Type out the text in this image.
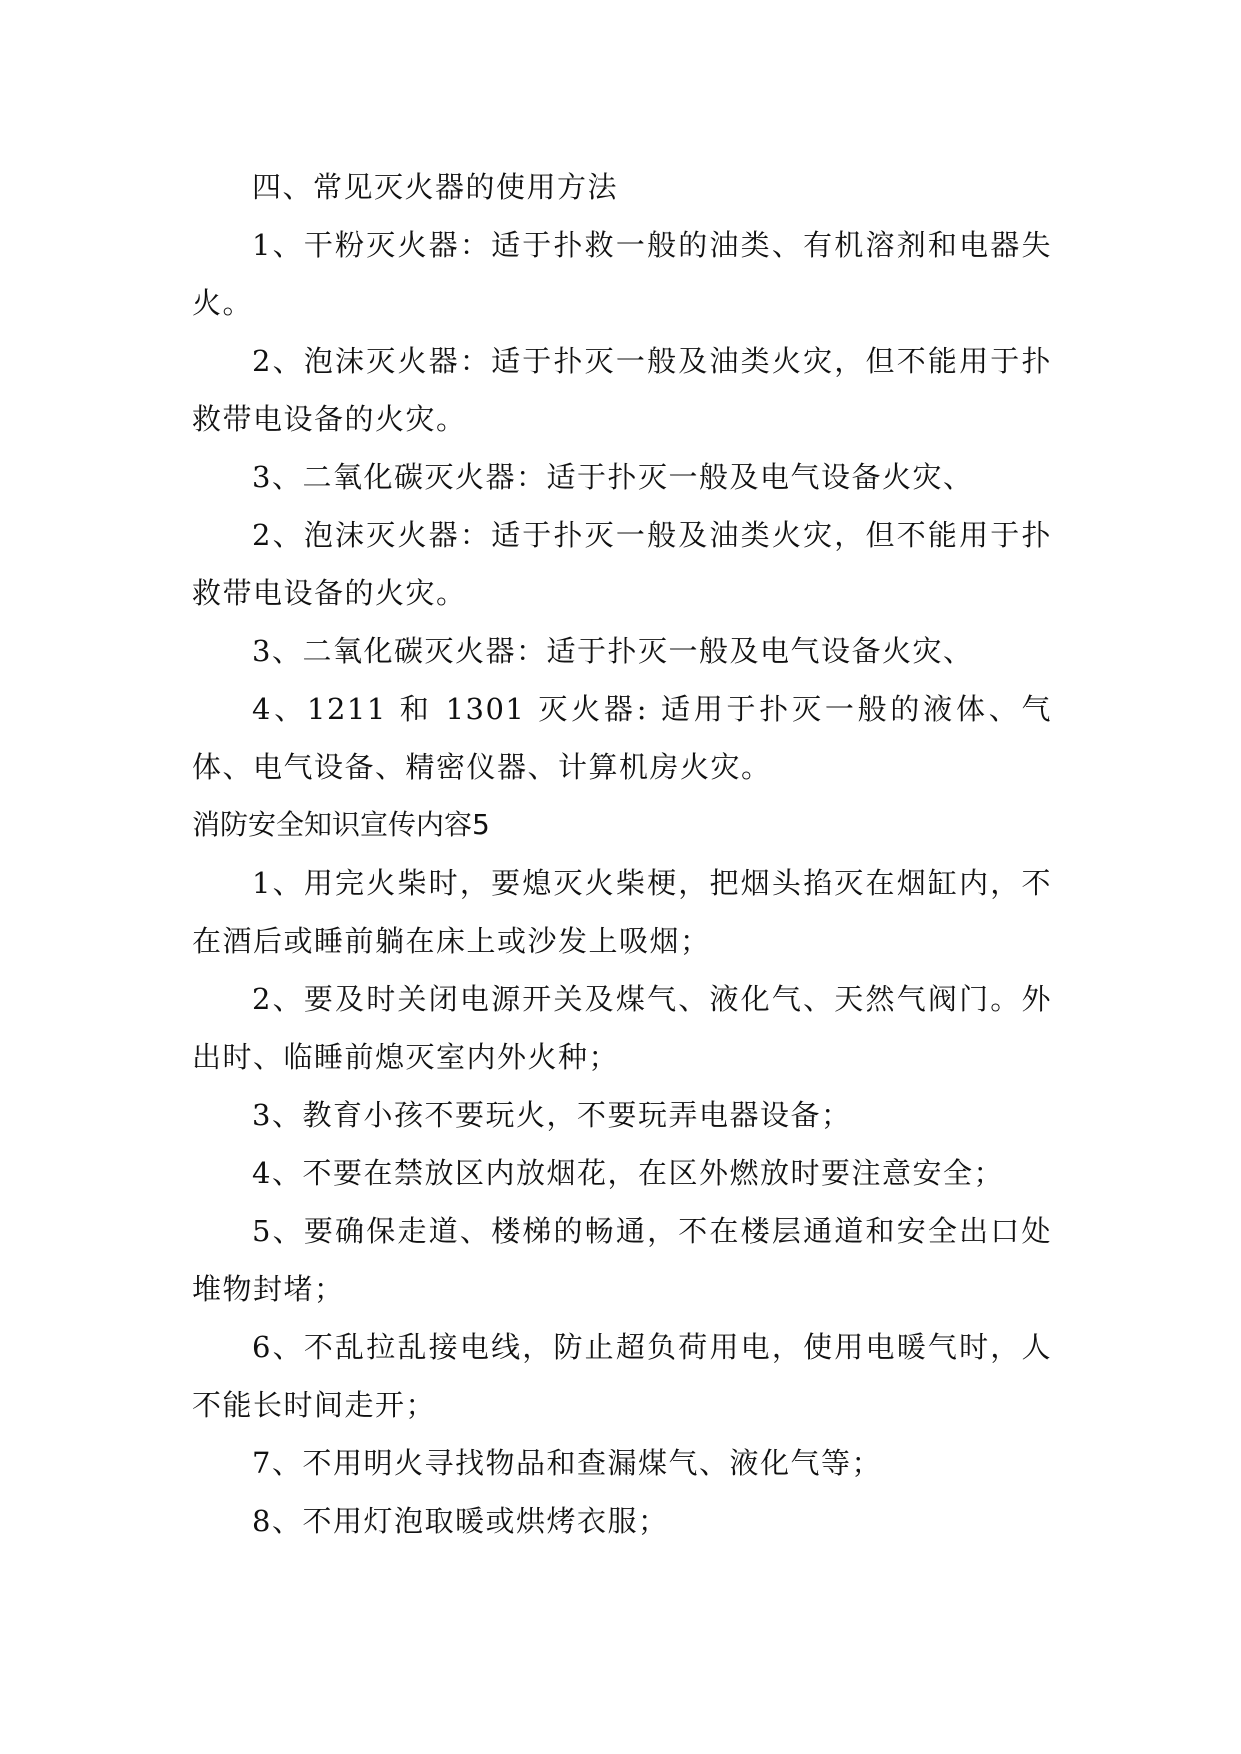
四、常见灭火器的使用方法

1、干粉灭火器：适于扑救一般的油类、有机溶剂和电器失火。

2、泡沫灭火器：适于扑灭一般及油类火灾，但不能用于扑救带电设备的火灾。

3、二氧化碳灭火器：适于扑灭一般及电气设备火灾、

2、泡沫灭火器：适于扑灭一般及油类火灾，但不能用于扑救带电设备的火灾。

3、二氧化碳灭火器：适于扑灭一般及电气设备火灾、

4、1211 和 1301 灭火器: 适用于扑灭一般的液体、气体、电气设备、精密仪器、计算机房火灾。

消防安全知识宣传内容5

1、用完火柴时，要熄灭火柴梗，把烟头掐灭在烟缸内，不在酒后或睡前躺在床上或沙发上吸烟；

2、要及时关闭电源开关及煤气、液化气、天然气阀门。外出时、临睡前熄灭室内外火种；

3、教育小孩不要玩火，不要玩弄电器设备；

4、不要在禁放区内放烟花，在区外燃放时要注意安全；

5、要确保走道、楼梯的畅通，不在楼层通道和安全出口处堆物封堵；

6、不乱拉乱接电线，防止超负荷用电，使用电暖气时，人不能长时间走开；

7、不用明火寻找物品和查漏煤气、液化气等；

8、不用灯泡取暖或烘烤衣服；
